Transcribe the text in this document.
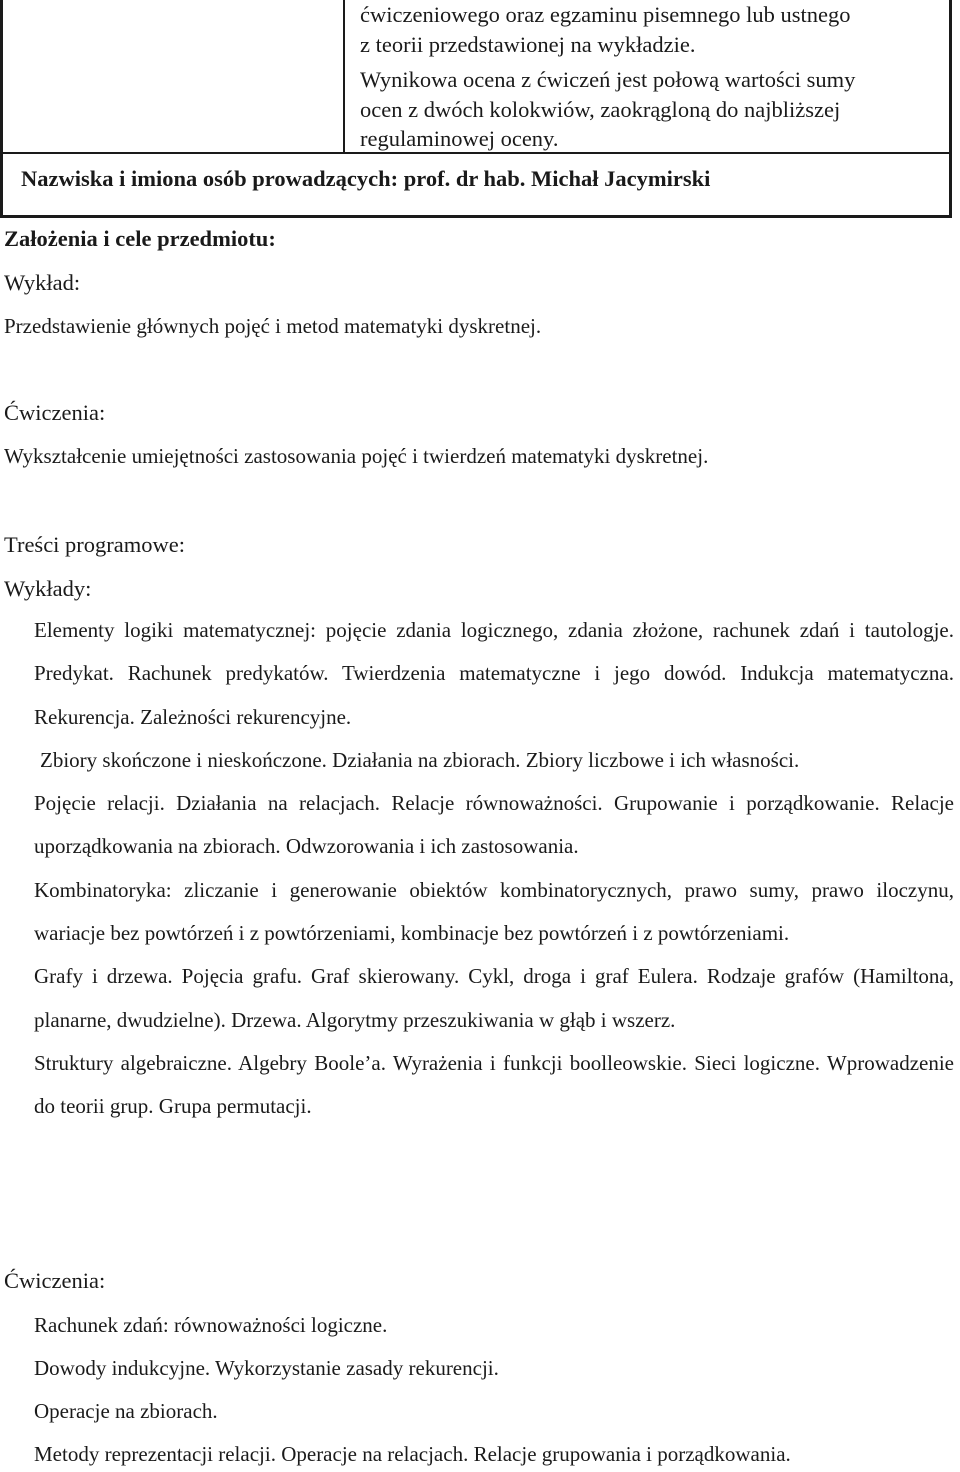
ćwiczeniowego oraz egzaminu pisemnego lub ustnego

z teorii przedstawionej na wykładzie.

Wynikowa ocena z ćwiczeń jest połową wartości sumy

ocen z dwóch kolokwiów, zaokrągloną do najbliższej

regulaminowej oceny.

Nazwiska i imiona osób prowadzących: prof. dr hab. Michał Jacymirski
Założenia i cele przedmiotu:
Wykład:
Przedstawienie głównych pojęć i metod matematyki dyskretnej.
Ćwiczenia:
Wykształcenie umiejętności zastosowania pojęć i twierdzeń matematyki dyskretnej.
Treści programowe:
Wykłady:

Elementy logiki matematycznej: pojęcie zdania logicznego, zdania złożone, rachunek zdań i tautologje. Predykat. Rachunek predykatów. Twierdzenia matematyczne i jego dowód. Indukcja matematyczna. Rekurencja. Zależności rekurencyjne.

Zbiory skończone i nieskończone. Działania na zbiorach. Zbiory liczbowe i ich własności.

Pojęcie relacji. Działania na relacjach. Relacje równoważności. Grupowanie i porządkowanie. Relacje uporządkowania na zbiorach. Odwzorowania i ich zastosowania.

Kombinatoryka: zliczanie i generowanie obiektów kombinatorycznych, prawo sumy, prawo iloczynu, wariacje bez powtórzeń i z powtórzeniami, kombinacje bez powtórzeń i z powtórzeniami.

Grafy i drzewa. Pojęcia grafu. Graf skierowany. Cykl, droga i graf Eulera. Rodzaje grafów (Hamiltona, planarne, dwudzielne). Drzewa. Algorytmy przeszukiwania w głąb i wszerz.

Struktury algebraiczne. Algebry Boole’a. Wyrażenia i funkcji boolleowskie. Sieci logiczne. Wprowadzenie do teorii grup. Grupa permutacji.

Ćwiczenia:
Rachunek zdań: równoważności logiczne.
Dowody indukcyjne. Wykorzystanie zasady rekurencji.
Operacje na zbiorach.
Metody reprezentacji relacji. Operacje na relacjach. Relacje grupowania i porządkowania.
